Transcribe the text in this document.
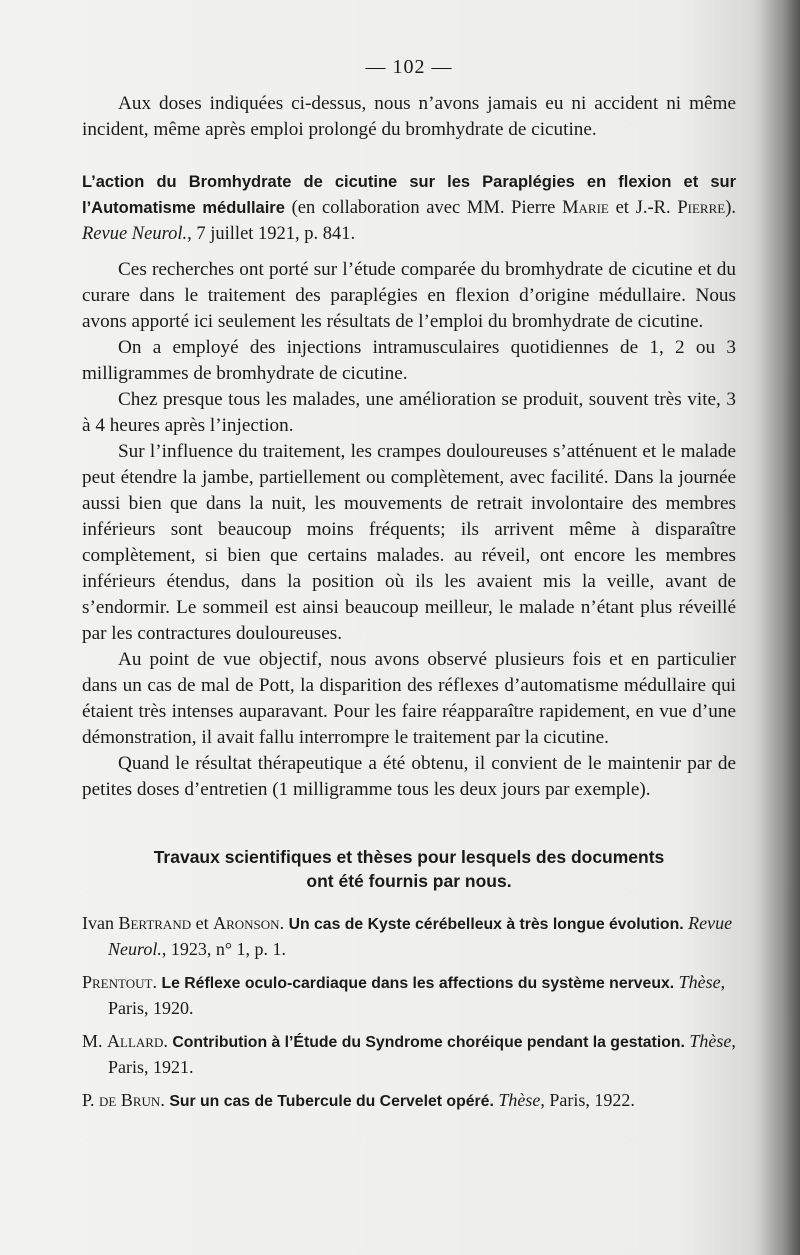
— 102 —

Aux doses indiquées ci-dessus, nous n’avons jamais eu ni accident ni même incident, même après emploi prolongé du bromhydrate de cicutine.

L’action du Bromhydrate de cicutine sur les Paraplégies en flexion et sur l’Automatisme médullaire (en collaboration avec MM. Pierre Marie et J.-R. Pierre). Revue Neurol., 7 juillet 1921, p. 841.

Ces recherches ont porté sur l’étude comparée du bromhydrate de cicutine et du curare dans le traitement des paraplégies en flexion d’origine médullaire. Nous avons apporté ici seulement les résultats de l’emploi du bromhydrate de cicutine.

On a employé des injections intramusculaires quotidiennes de 1, 2 ou 3 milligrammes de bromhydrate de cicutine.

Chez presque tous les malades, une amélioration se produit, souvent très vite, 3 à 4 heures après l’injection.

Sur l’influence du traitement, les crampes douloureuses s’atténuent et le malade peut étendre la jambe, partiellement ou complètement, avec facilité. Dans la journée aussi bien que dans la nuit, les mouvements de retrait involontaire des membres inférieurs sont beaucoup moins fréquents; ils arrivent même à disparaître complètement, si bien que certains malades. au réveil, ont encore les membres inférieurs étendus, dans la position où ils les avaient mis la veille, avant de s’endormir. Le sommeil est ainsi beaucoup meilleur, le malade n’étant plus réveillé par les contractures douloureuses.

Au point de vue objectif, nous avons observé plusieurs fois et en particulier dans un cas de mal de Pott, la disparition des réflexes d’automatisme médullaire qui étaient très intenses auparavant. Pour les faire réapparaître rapidement, en vue d’une démonstration, il avait fallu interrompre le traitement par la cicutine.

Quand le résultat thérapeutique a été obtenu, il convient de le maintenir par de petites doses d’entretien (1 milligramme tous les deux jours par exemple).

Travaux scientifiques et thèses pour lesquels des documents
ont été fournis par nous.

Ivan Bertrand et Aronson. Un cas de Kyste cérébelleux à très longue évolution. Revue Neurol., 1923, n° 1, p. 1.

Prentout. Le Réflexe oculo-cardiaque dans les affections du système nerveux. Thèse, Paris, 1920.

M. Allard. Contribution à l’Étude du Syndrome choréique pendant la gestation. Thèse, Paris, 1921.

P. de Brun. Sur un cas de Tubercule du Cervelet opéré. Thèse, Paris, 1922.
